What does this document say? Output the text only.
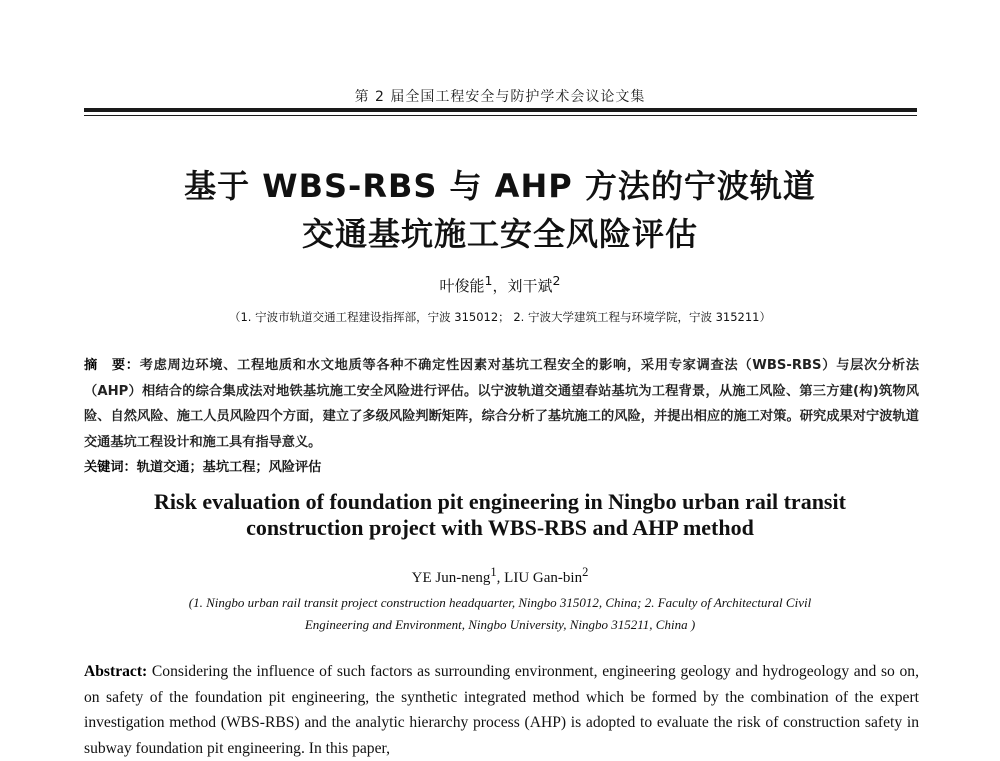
第 2 届全国工程安全与防护学术会议论文集
基于 WBS-RBS 与 AHP 方法的宁波轨道
交通基坑施工安全风险评估
叶俊能$^1$，刘干斌$^2$
（1. 宁波市轨道交通工程建设指挥部，宁波 315012； 2. 宁波大学建筑工程与环境学院，宁波 315211）
摘　要：考虑周边环境、工程地质和水文地质等各种不确定性因素对基坑工程安全的影响，采用专家调查法（WBS-RBS）与层次分析法（AHP）相结合的综合集成法对地铁基坑施工安全风险进行评估。以宁波轨道交通望春站基坑为工程背景，从施工风险、第三方建(构)筑物风险、自然风险、施工人员风险四个方面，建立了多级风险判断矩阵，综合分析了基坑施工的风险，并提出相应的施工对策。研究成果对宁波轨道交通基坑工程设计和施工具有指导意义。
关键词：轨道交通；基坑工程；风险评估
Risk evaluation of foundation pit engineering in Ningbo urban rail transit
construction project with WBS-RBS and AHP method
YE Jun-neng$^1$, LIU Gan-bin$^2$
(1. Ningbo urban rail transit project construction headquarter, Ningbo 315012, China; 2. Faculty of Architectural Civil
Engineering and Environment, Ningbo University, Ningbo 315211, China )
Abstract: Considering the influence of such factors as surrounding environment, engineering geology and hydrogeology and so on, on safety of the foundation pit engineering, the synthetic integrated method which be formed by the combination of the expert investigation method (WBS-RBS) and the analytic hierarchy process (AHP) is adopted to evaluate the risk of construction safety in subway foundation pit engineering. In this paper,
